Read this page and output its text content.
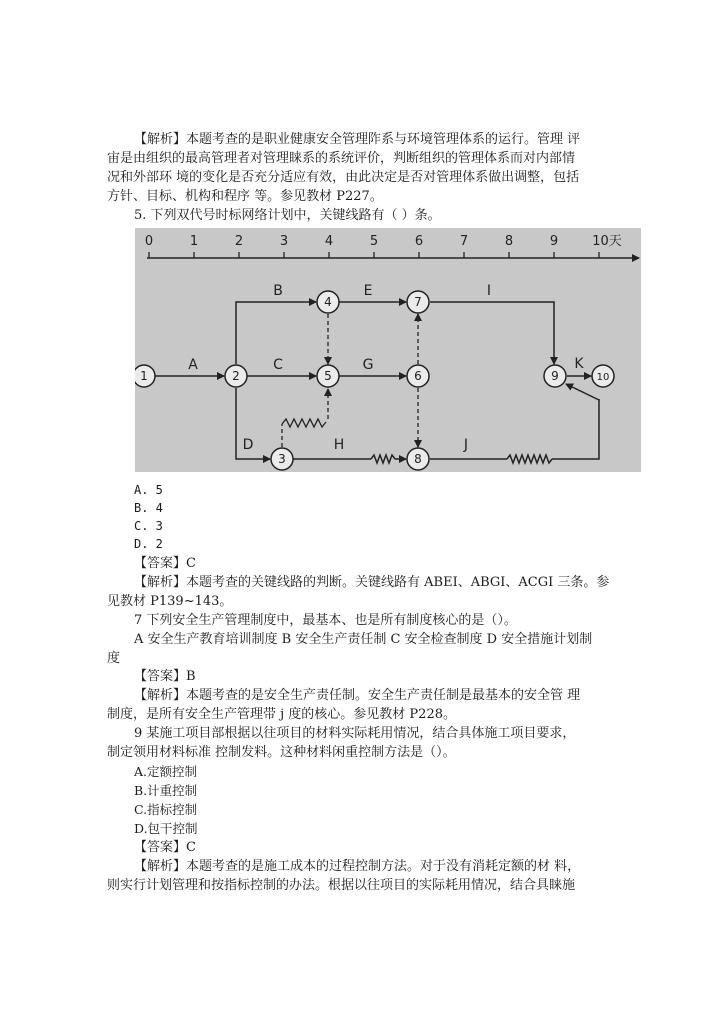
【解析】本题考查的是职业健康安全管理阼系与环境管理体系的运行。管理 评
宙是由组织的最高管理者对管理睐系的系统评价，判断组织的管理体系而对内部情
况和外部环 境的变化是否充分适应有效，由此决定是否对管理体系做出调整，包括
方针、目标、机构和程序 等。参见教材 P227。
5. 下列双代号时标网络计划中，关键线路有（ ）条。
0	1	2	3	4	5	6	7	8	9	10天
A
B
C
D
E
G
H
I
J
K
1	2
3
4
5	6
7
8
9	10
A. 5
B. 4
C. 3
D. 2
【答案】C
【解析】本题考查的关键线路的判断。关键线路有 ABEI、ABGI、ACGI 三条。参
见教材 P139~143。
7 下列安全生产管理制度中，最基本、也是所有制度核心的是（）。
A 安全生产教育培训制度 B 安全生产责任制 C 安全检查制度 D 安全措施计划制
度
【答案】B
【解析】本题考查的是安全生产责任制。安全生产责任制是最基本的安全管 理
制度，是所有安全生产管理带 j 度的核心。参见教材 P228。
9 某施工项目部根据以往项目的材料实际耗用情况，结合具体施工项目要求，
制定领用材料标准 控制发料。这种材料闲重控制方法是（）。
A.定额控制
B.计重控制
C.指标控制
D.包干控制
【答案】C
【解析】本题考查的是施工成本的过程控制方法。对于没有消耗定额的材 料，
则实行计划管理和按指标控制的办法。根据以往项目的实际耗用情况，结合具睐施
